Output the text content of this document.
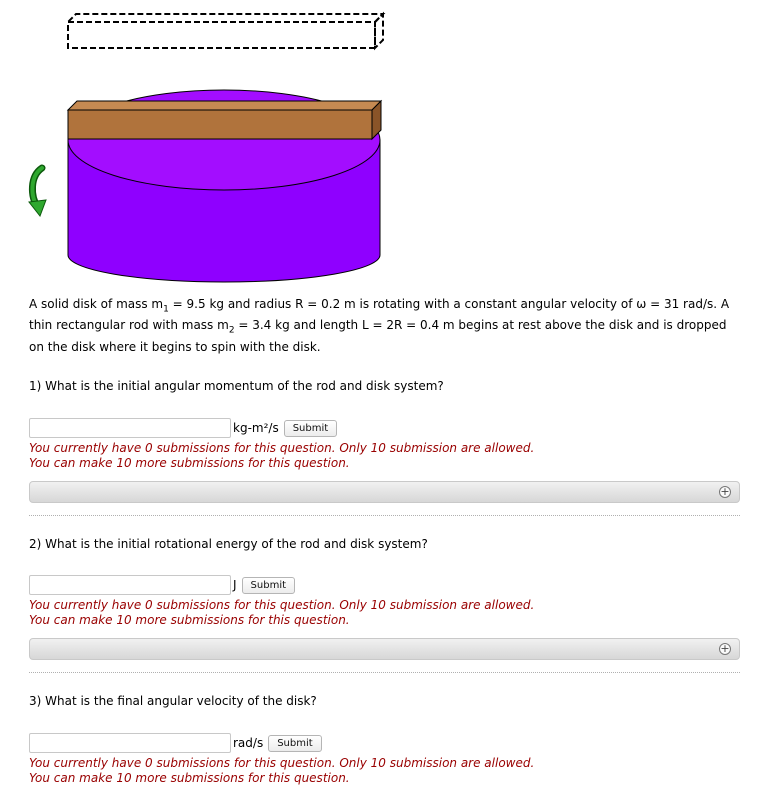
A solid disk of mass $m_1 = 9.5$ kg and radius R = 0.2 m is rotating with a constant angular velocity of ω = 31 rad/s. A thin rectangular rod with mass $m_2 = 3.4$ kg and length L = 2R = 0.4 m begins at rest above the disk and is dropped on the disk where it begins to spin with the disk.
1) What is the initial angular momentum of the rod and disk system?
kg-m²/s	Submit
You currently have 0 submissions for this question. Only 10 submission are allowed.
You can make 10 more submissions for this question.
+
2) What is the initial rotational energy of the rod and disk system?
J	Submit
You currently have 0 submissions for this question. Only 10 submission are allowed.
You can make 10 more submissions for this question.
+
3) What is the final angular velocity of the disk?
rad/s	Submit
You currently have 0 submissions for this question. Only 10 submission are allowed.
You can make 10 more submissions for this question.
